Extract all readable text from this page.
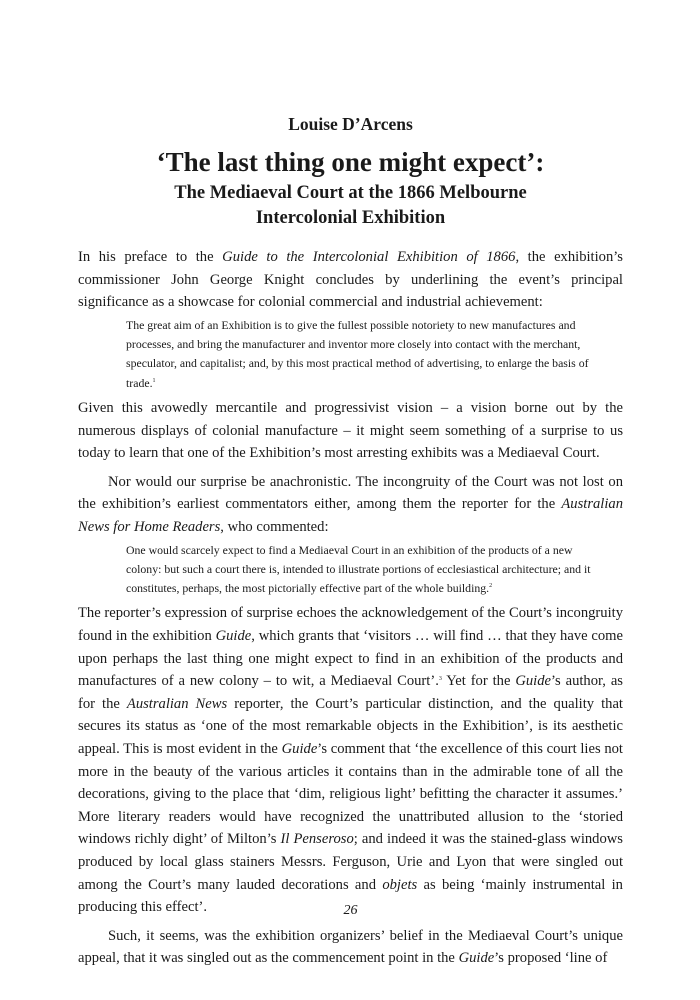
Louise D’Arcens
‘The last thing one might expect’:
The Mediaeval Court at the 1866 Melbourne
Intercolonial Exhibition

In his preface to the Guide to the Intercolonial Exhibition of 1866, the exhibition’s commissioner John George Knight concludes by underlining the event’s principal significance as a showcase for colonial commercial and industrial achievement:

The great aim of an Exhibition is to give the fullest possible notoriety to new manufactures and processes, and bring the manufacturer and inventor more closely into contact with the merchant, speculator, and capitalist; and, by this most practical method of advertising, to enlarge the basis of trade.$^1$

Given this avowedly mercantile and progressivist vision – a vision borne out by the numerous displays of colonial manufacture – it might seem something of a surprise to us today to learn that one of the Exhibition’s most arresting exhibits was a Mediaeval Court.

Nor would our surprise be anachronistic. The incongruity of the Court was not lost on the exhibition’s earliest commentators either, among them the reporter for the Australian News for Home Readers, who commented:

One would scarcely expect to find a Mediaeval Court in an exhibition of the products of a new colony: but such a court there is, intended to illustrate portions of ecclesiastical architecture; and it constitutes, perhaps, the most pictorially effective part of the whole building.$^2$

The reporter’s expression of surprise echoes the acknowledgement of the Court’s incongruity found in the exhibition Guide, which grants that ‘visitors … will find … that they have come upon perhaps the last thing one might expect to find in an exhibition of the products and manufactures of a new colony – to wit, a Mediaeval Court’.$^3$ Yet for the Guide’s author, as for the Australian News reporter, the Court’s particular distinction, and the quality that secures its status as ‘one of the most remarkable objects in the Exhibition’, is its aesthetic appeal. This is most evident in the Guide’s comment that ‘the excellence of this court lies not more in the beauty of the various articles it contains than in the admirable tone of all the decorations, giving to the place that ‘dim, religious light’ befitting the character it assumes.’ More literary readers would have recognized the unattributed allusion to the ‘storied windows richly dight’ of Milton’s Il Penseroso; and indeed it was the stained-glass windows produced by local glass stainers Messrs. Ferguson, Urie and Lyon that were singled out among the Court’s many lauded decorations and objets as being ‘mainly instrumental in producing this effect’.

Such, it seems, was the exhibition organizers’ belief in the Mediaeval Court’s unique appeal, that it was singled out as the commencement point in the Guide’s proposed ‘line of

26
